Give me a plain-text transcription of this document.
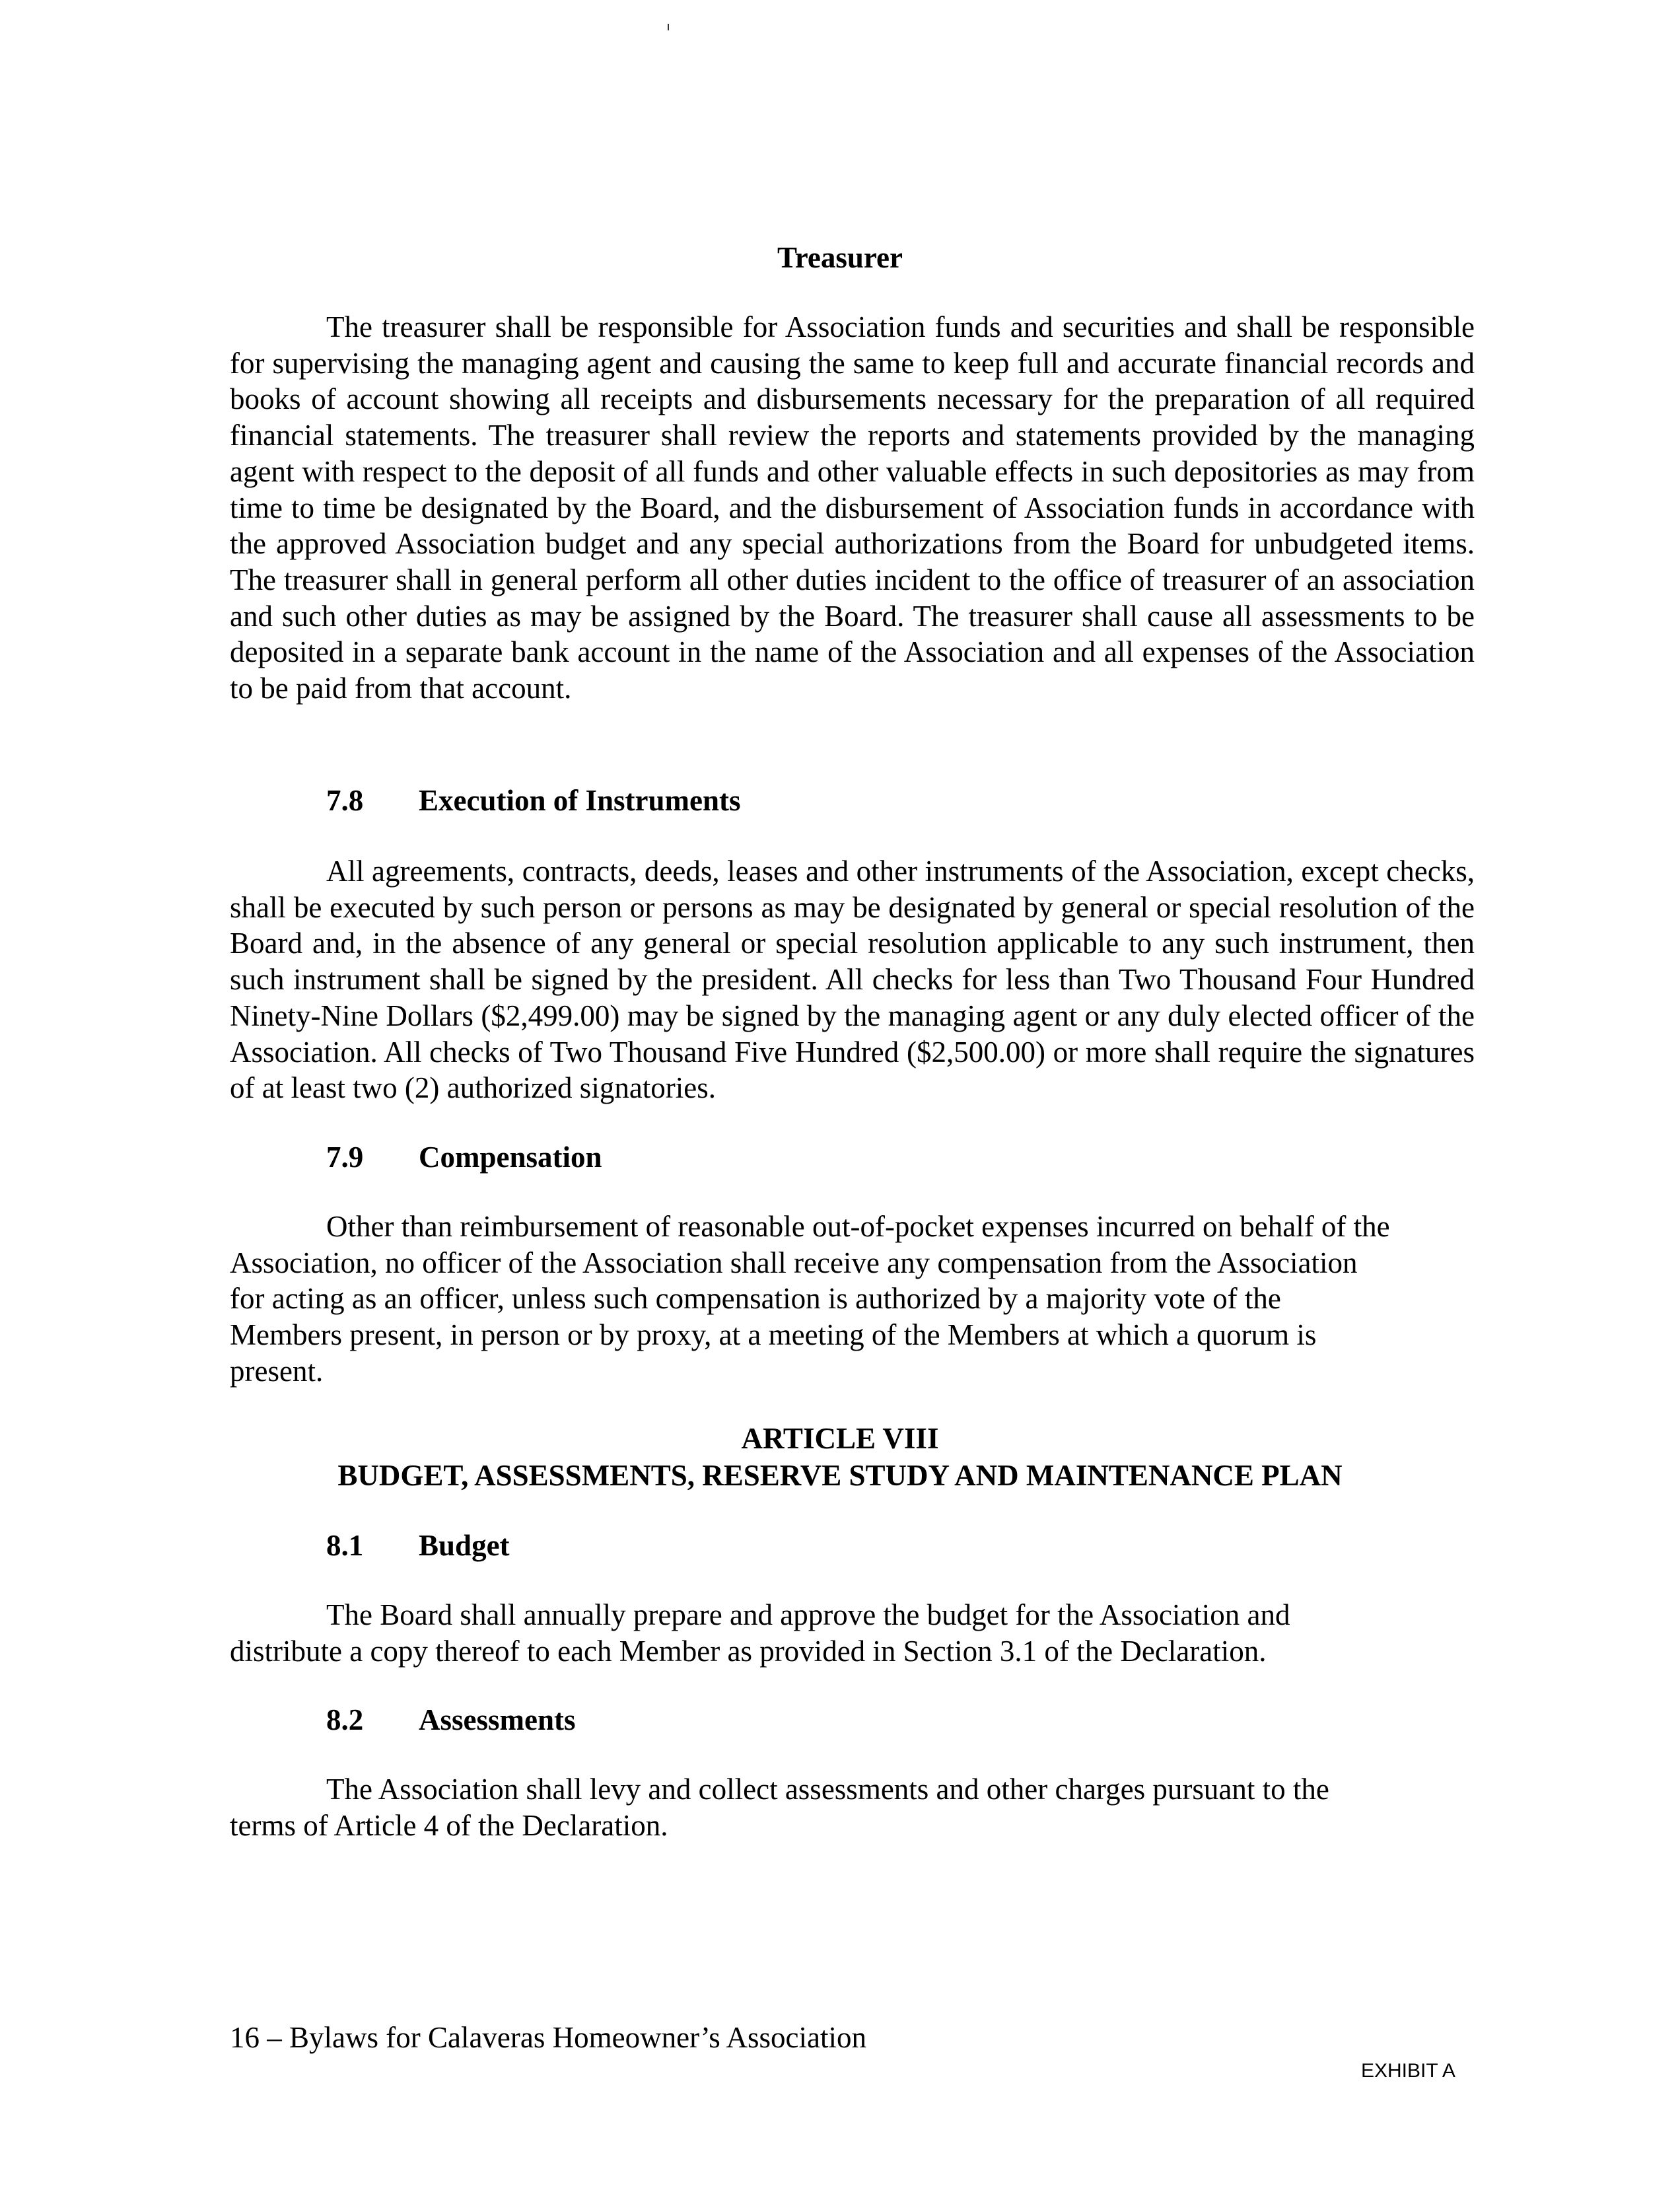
Treasurer
The treasurer shall be responsible for Association funds and securities and shall be responsible for supervising the managing agent and causing the same to keep full and accurate financial records and books of account showing all receipts and disbursements necessary for the preparation of all required financial statements. The treasurer shall review the reports and statements provided by the managing agent with respect to the deposit of all funds and other valuable effects in such depositories as may from time to time be designated by the Board, and the disbursement of Association funds in accordance with the approved Association budget and any special authorizations from the Board for unbudgeted items. The treasurer shall in general perform all other duties incident to the office of treasurer of an association and such other duties as may be assigned by the Board. The treasurer shall cause all assessments to be deposited in a separate bank account in the name of the Association and all expenses of the Association to be paid from that account.
7.8 Execution of Instruments
All agreements, contracts, deeds, leases and other instruments of the Association, except checks, shall be executed by such person or persons as may be designated by general or special resolution of the Board and, in the absence of any general or special resolution applicable to any such instrument, then such instrument shall be signed by the president. All checks for less than Two Thousand Four Hundred Ninety-Nine Dollars ($2,499.00) may be signed by the managing agent or any duly elected officer of the Association. All checks of Two Thousand Five Hundred ($2,500.00) or more shall require the signatures of at least two (2) authorized signatories.
7.9 Compensation
Other than reimbursement of reasonable out-of-pocket expenses incurred on behalf of the
Association, no officer of the Association shall receive any compensation from the Association
for acting as an officer, unless such compensation is authorized by a majority vote of the
Members present, in person or by proxy, at a meeting of the Members at which a quorum is
present.
ARTICLE VIII
BUDGET, ASSESSMENTS, RESERVE STUDY AND MAINTENANCE PLAN
8.1 Budget
The Board shall annually prepare and approve the budget for the Association and
distribute a copy thereof to each Member as provided in Section 3.1 of the Declaration.
8.2 Assessments
The Association shall levy and collect assessments and other charges pursuant to the
terms of Article 4 of the Declaration.
16 – Bylaws for Calaveras Homeowner’s Association
EXHIBIT A
